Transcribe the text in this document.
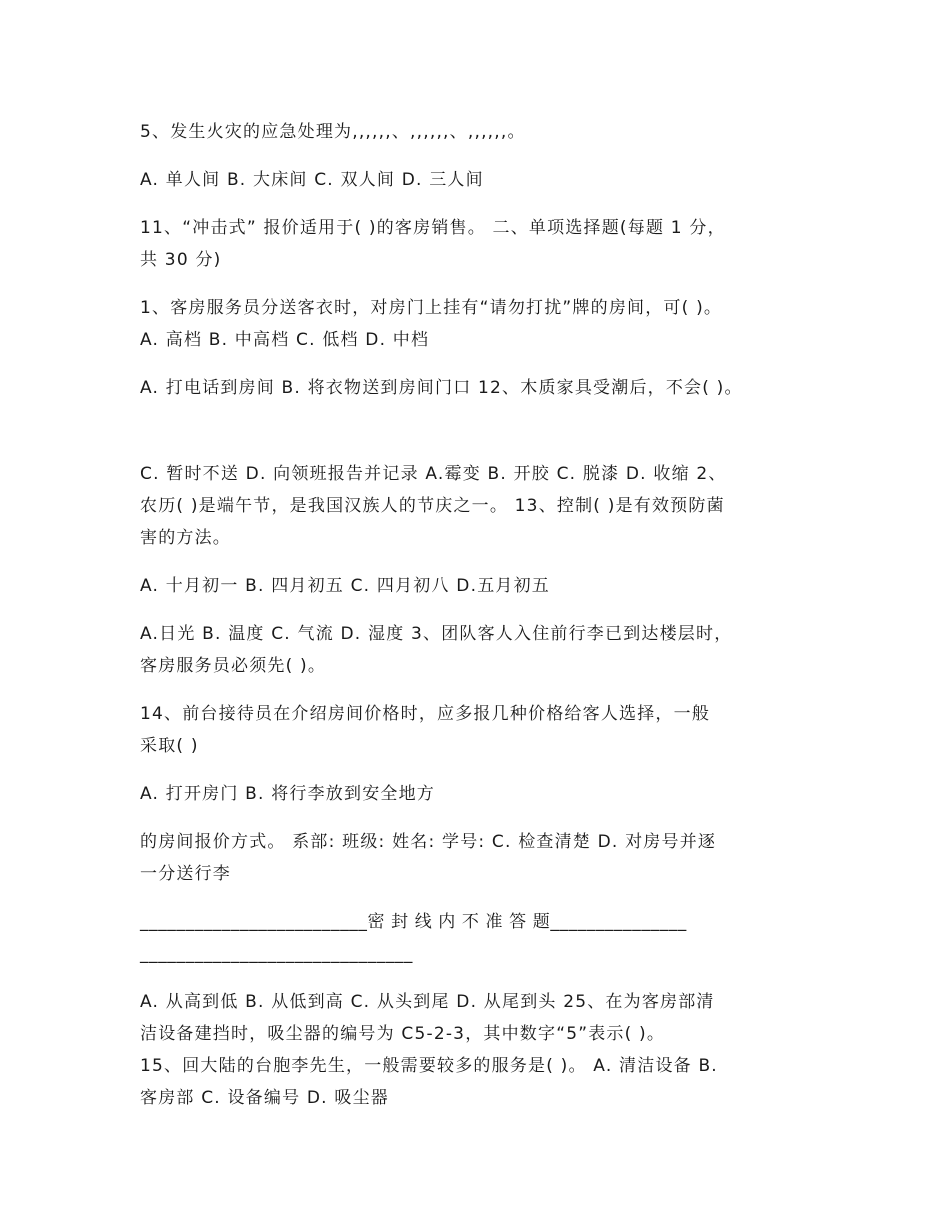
5、发生火灾的应急处理为,,,,,,、,,,,,,、,,,,,,。

A. 单人间 B. 大床间 C. 双人间 D. 三人间

11、“冲击式” 报价适用于( )的客房销售。 二、单项选择题(每题 1 分，
共 30 分)

1、客房服务员分送客衣时，对房门上挂有“请勿打扰”牌的房间，可( )。
A. 高档 B. 中高档 C. 低档 D. 中档

A. 打电话到房间 B. 将衣物送到房间门口 12、木质家具受潮后，不会( )。

C. 暂时不送 D. 向领班报告并记录 A.霉变 B. 开胶 C. 脱漆 D. 收缩 2、
农历( )是端午节，是我国汉族人的节庆之一。 13、控制( )是有效预防菌
害的方法。

A. 十月初一 B. 四月初五 C. 四月初八 D.五月初五

A.日光 B. 温度 C. 气流 D. 湿度 3、团队客人入住前行李已到达楼层时，
客房服务员必须先( )。

14、前台接待员在介绍房间价格时，应多报几种价格给客人选择，一般
采取( )

A. 打开房门 B. 将行李放到安全地方

的房间报价方式。 系部: 班级: 姓名: 学号: C. 检查清楚 D. 对房号并逐
一分送行李

_________________________密 封 线 内 不 准 答 题_______________
______________________________

A. 从高到低 B. 从低到高 C. 从头到尾 D. 从尾到头 25、在为客房部清
洁设备建挡时，吸尘器的编号为 C5-2-3，其中数字“5”表示( )。
15、回大陆的台胞李先生，一般需要较多的服务是( )。 A. 清洁设备 B.
客房部 C. 设备编号 D. 吸尘器
